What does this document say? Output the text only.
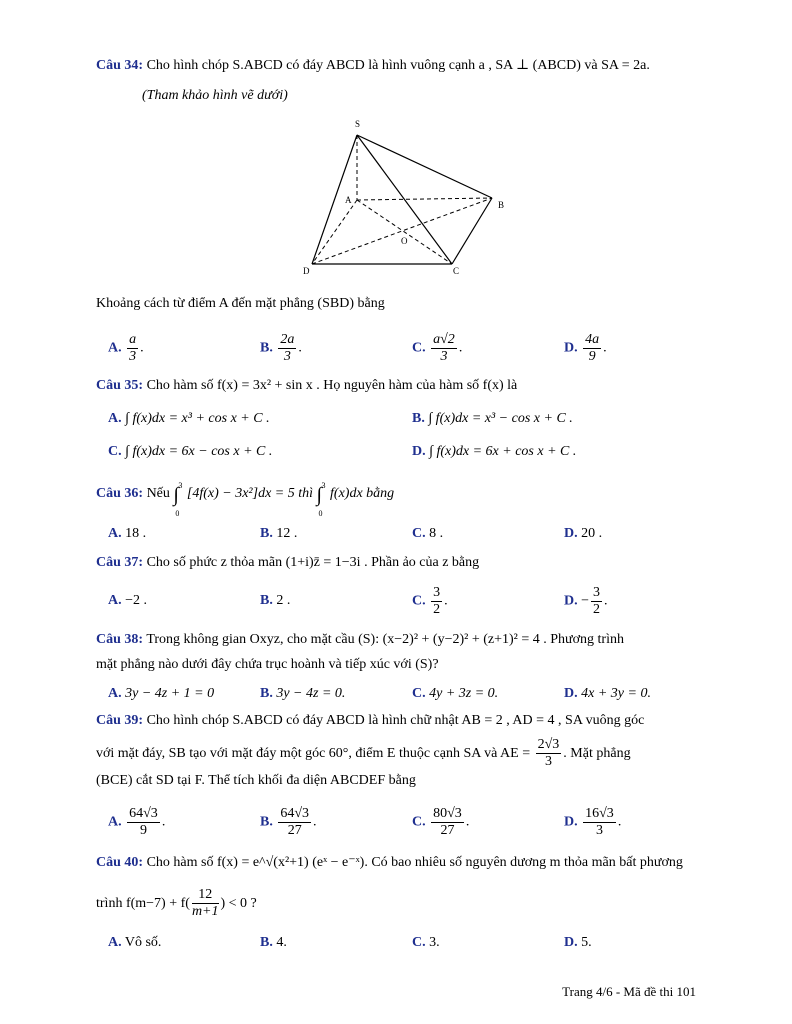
Câu 34: Cho hình chóp S.ABCD có đáy ABCD là hình vuông cạnh a , SA ⊥ (ABCD) và SA = 2a.
(Tham khảo hình vẽ dưới)
S
A	B
O
D	C
Khoảng cách từ điểm A đến mặt phẳng (SBD) bằng
A. $\frac{a}{3}$ .	B. $\frac{2a}{3}$ .	C. $\frac{a√2}{3}$ .	D. $\frac{4a}{9}$ .
Câu 35: Cho hàm số f(x) = 3x² + sin x . Họ nguyên hàm của hàm số f(x) là
A. ∫ f(x)dx = x³ + cos x + C .	B. ∫ f(x)dx = x³ − cos x + C .
C. ∫ f(x)dx = 6x − cos x + C .	D. ∫ f(x)dx = 6x + cos x + C .
Câu 36: Nếu ∫ 3
0
[4f(x) − 3x²]dx = 5 thì ∫ 3
0
f(x)dx bằng
A. 18 .	B. 12 .	C. 8 .	D. 20 .
Câu 37: Cho số phức z thỏa mãn (1+i)z̄ = 1−3i . Phần ảo của z bằng
A. −2 .	B. 2 .	C. $\frac{3}{2}$ .	D. − $\frac{3}{2}$ .
Câu 38: Trong không gian Oxyz, cho mặt cầu (S): (x−2)² + (y−2)² + (z+1)² = 4 . Phương trình
mặt phẳng nào dưới đây chứa trục hoành và tiếp xúc với (S)?
A. 3y − 4z + 1 = 0	B. 3y − 4z = 0.	C. 4y + 3z = 0.	D. 4x + 3y = 0.
Câu 39: Cho hình chóp S.ABCD có đáy ABCD là hình chữ nhật AB = 2 , AD = 4 , SA vuông góc
với mặt đáy, SB tạo với mặt đáy một góc 60°, điểm E thuộc cạnh SA và AE = $\frac{2√3}{3}$ . Mặt phẳng
(BCE) cắt SD tại F. Thể tích khối đa diện ABCDEF bằng
A. $\frac{64√3}{9}$ .	B. $\frac{64√3}{27}$ .	C. $\frac{80√3}{27}$ .	D. $\frac{16√3}{3}$ .
Câu 40: Cho hàm số f(x) = e^√(x²+1) (eˣ − e⁻ˣ). Có bao nhiêu số nguyên dương m thỏa mãn bất phương
trình $f(m-7) + f( \frac{12}{m+1}$ ) < 0 ?
A. Vô số.	B. 4.	C. 3.	D. 5.
Trang 4/6 - Mã đề thi 101
